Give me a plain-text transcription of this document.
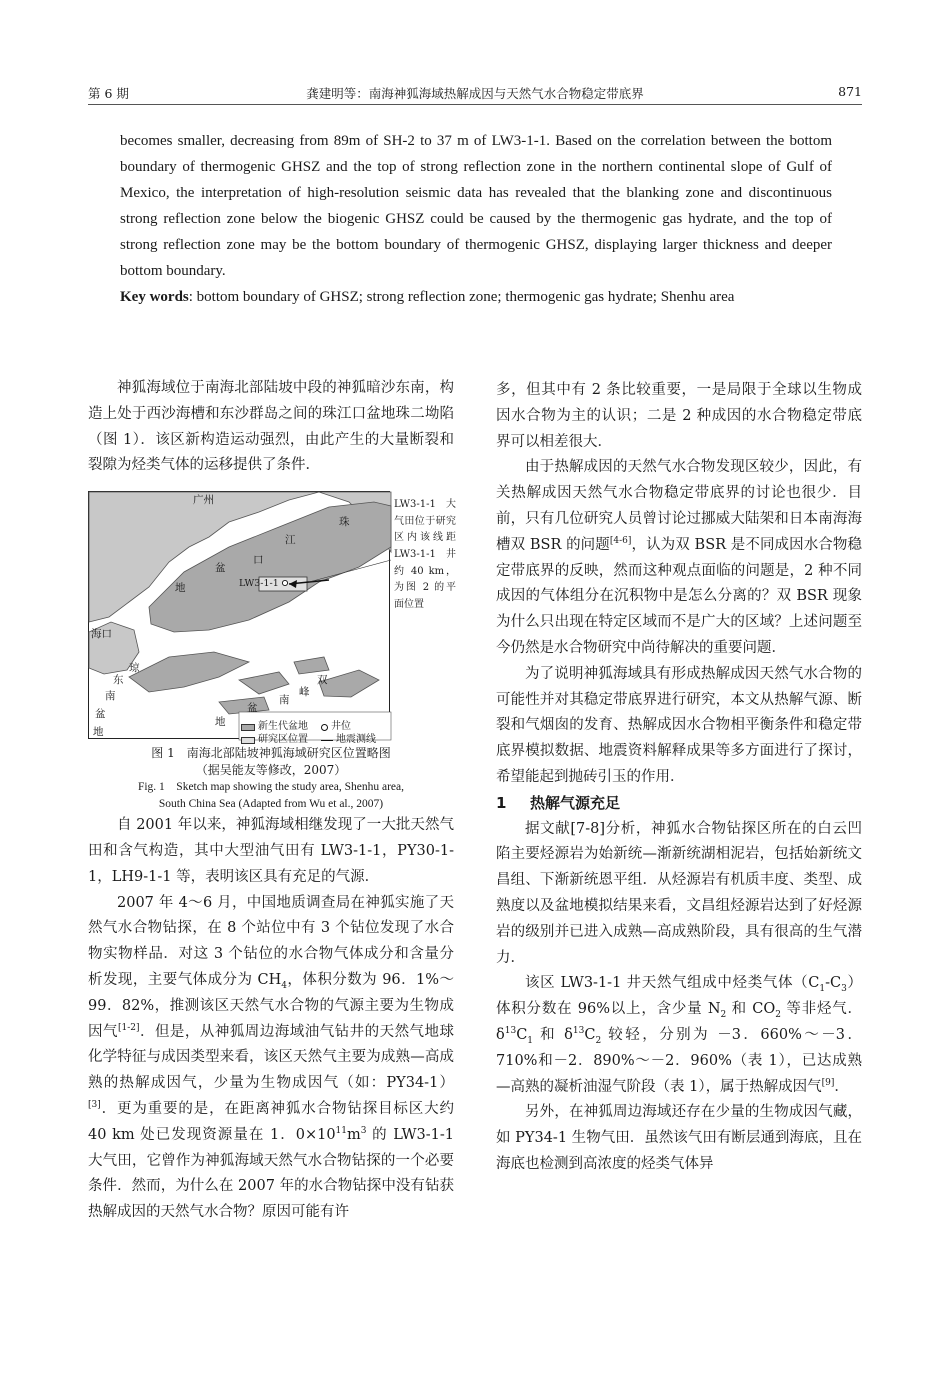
第 6 期	龚建明等：南海神狐海域热解成因与天然气水合物稳定带底界	871

becomes smaller, decreasing from 89m of SH-2 to 37 m of LW3-1-1. Based on the correlation between the bottom boundary of thermogenic GHSZ and the top of strong reflection zone in the northern continental slope of Gulf of Mexico, the interpretation of high-resolution seismic data has revealed that the blanking zone and discontinuous strong reflection zone below the biogenic GHSZ could be caused by the thermogenic gas hydrate, and the top of strong reflection zone may be the bottom boundary of thermogenic GHSZ, displaying larger thickness and deeper bottom boundary.

Key words: bottom boundary of GHSZ; strong reflection zone; thermogenic gas hydrate; Shenhu area

神狐海域位于南海北部陆坡中段的神狐暗沙东南，构造上处于西沙海槽和东沙群岛之间的珠江口盆地珠二坳陷（图 1）．该区新构造运动强烈，由此产生的大量断裂和裂隙为烃类气体的运移提供了条件．

广州
珠
江
口
盆
地
海口
LW3-1-1
琼
东
南
盆
地
双
峰
南
盆
地	新生代盆地 井位
研究区位置	地震测线
LW3-1-1 大气田位于研究区内该线距 LW3-1-1 井约 40 km，为图 2 的平面位置

图 1　南海北部陆坡神狐海域研究区位置略图

（据吴能友等修改，2007）

Fig. 1　Sketch map showing the study area, Shenhu area,

South China Sea (Adapted from Wu et al., 2007)

自 2001 年以来，神狐海域相继发现了一大批天然气田和含气构造，其中大型油气田有 LW3-1-1，PY30-1-1，LH9-1-1 等，表明该区具有充足的气源．

2007 年 4～6 月，中国地质调查局在神狐实施了天然气水合物钻探，在 8 个站位中有 3 个钻位发现了水合物实物样品．对这 3 个钻位的水合物气体成分和含量分析发现，主要气体成分为 $CH_4$，体积分数为 96．1%～99．82%，推测该区天然气水合物的气源主要为生物成因气[1-2]．但是，从神狐周边海域油气钻井的天然气地球化学特征与成因类型来看，该区天然气主要为成熟—高成熟的热解成因气，少量为生物成因气（如：PY34-1）[3]．更为重要的是，在距离神狐水合物钻探目标区大约 40 km 处已发现资源量在 1．$0\times 10^{11}m^3$ 的 LW3-1-1 大气田，它曾作为神狐海域天然气水合物钻探的一个必要条件．然而，为什么在 2007 年的水合物钻探中没有钻获热解成因的天然气水合物？原因可能有许

多，但其中有 2 条比较重要，一是局限于全球以生物成因水合物为主的认识；二是 2 种成因的水合物稳定带底界可以相差很大．

由于热解成因的天然气水合物发现区较少，因此，有关热解成因天然气水合物稳定带底界的讨论也很少．目前，只有几位研究人员曾讨论过挪威大陆架和日本南海海槽双 BSR 的问题[4-6]，认为双 BSR 是不同成因水合物稳定带底界的反映，然而这种观点面临的问题是，2 种不同成因的气体组分在沉积物中是怎么分离的？双 BSR 现象为什么只出现在特定区域而不是广大的区域？上述问题至今仍然是水合物研究中尚待解决的重要问题．

为了说明神狐海域具有形成热解成因天然气水合物的可能性并对其稳定带底界进行研究，本文从热解气源、断裂和气烟囱的发育、热解成因水合物相平衡条件和稳定带底界模拟数据、地震资料解释成果等多方面进行了探讨，希望能起到抛砖引玉的作用．

1 热解气源充足

据文献[7-8]分析，神狐水合物钻探区所在的白云凹陷主要烃源岩为始新统—渐新统湖相泥岩，包括始新统文昌组、下渐新统恩平组．从烃源岩有机质丰度、类型、成熟度以及盆地模拟结果来看，文昌组烃源岩达到了好烃源岩的级别并已进入成熟—高成熟阶段，具有很高的生气潜力．

该区 LW3-1-1 井天然气组成中烃类气体$(C_1-C_3)$体积分数在 96%以上，含少量 $N_2$ 和 $CO_2$ 等非烃气．$\delta^{13}C_1$ 和 $\delta^{13}C_2$ 较轻，分别为 －3．660%～－3．710%和－2．890%～－2．960%（表 1），已达成熟—高熟的凝析油湿气阶段（表 1），属于热解成因气[9]．

另外，在神狐周边海域还存在少量的生物成因气藏，如 PY34-1 生物气田．虽然该气田有断层通到海底，且在海底也检测到高浓度的烃类气体异
